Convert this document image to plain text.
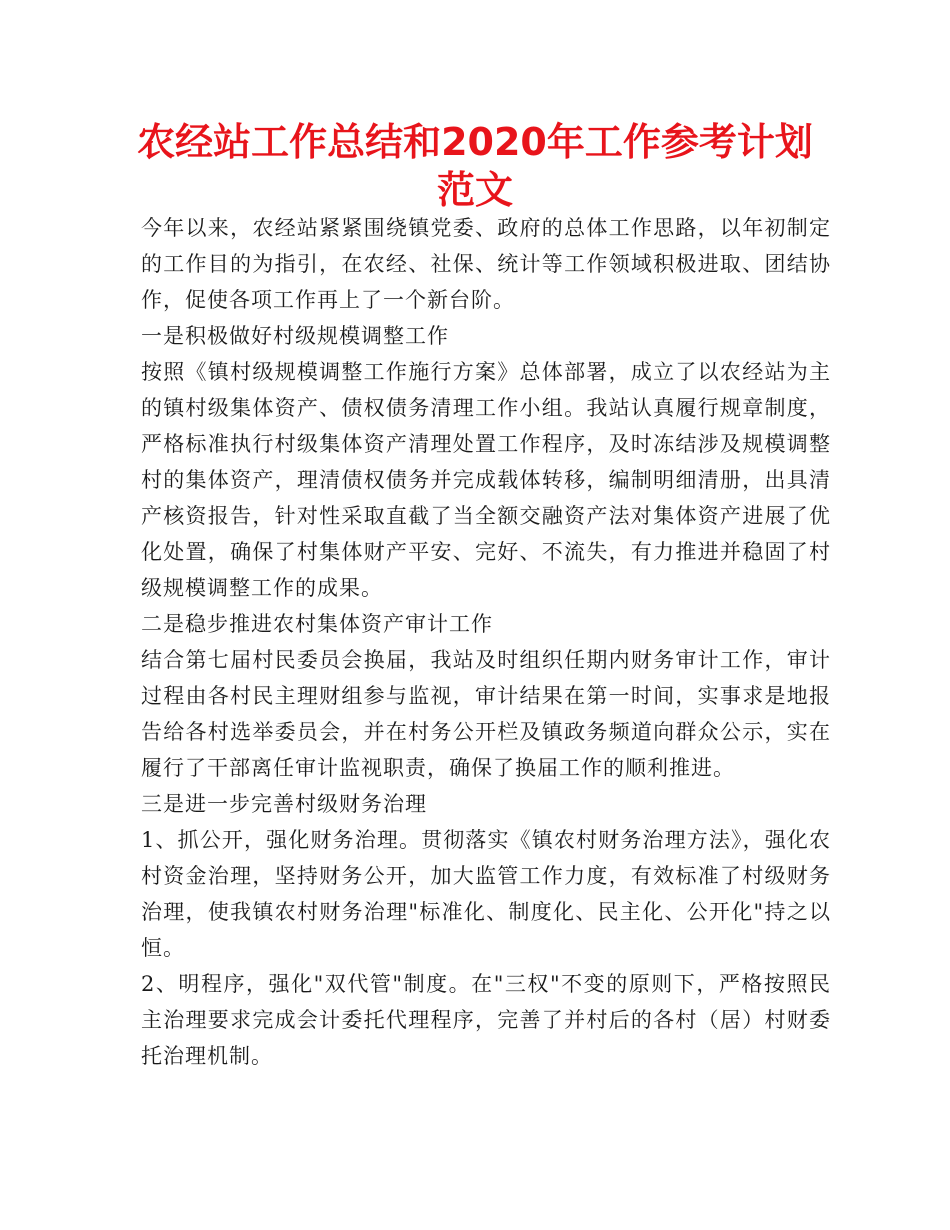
农经站工作总结和2020年工作参考计划范文

今年以来，农经站紧紧围绕镇党委、政府的总体工作思路，以年初制定的工作目的为指引，在农经、社保、统计等工作领域积极进取、团结协作，促使各项工作再上了一个新台阶。

一是积极做好村级规模调整工作

按照《镇村级规模调整工作施行方案》总体部署，成立了以农经站为主的镇村级集体资产、债权债务清理工作小组。我站认真履行规章制度，严格标准执行村级集体资产清理处置工作程序，及时冻结涉及规模调整村的集体资产，理清债权债务并完成载体转移，编制明细清册，出具清产核资报告，针对性采取直截了当全额交融资产法对集体资产进展了优化处置，确保了村集体财产平安、完好、不流失，有力推进并稳固了村级规模调整工作的成果。

二是稳步推进农村集体资产审计工作

结合第七届村民委员会换届，我站及时组织任期内财务审计工作，审计过程由各村民主理财组参与监视，审计结果在第一时间，实事求是地报告给各村选举委员会，并在村务公开栏及镇政务频道向群众公示，实在履行了干部离任审计监视职责，确保了换届工作的顺利推进。

三是进一步完善村级财务治理

1、抓公开，强化财务治理。贯彻落实《镇农村财务治理方法》，强化农村资金治理，坚持财务公开，加大监管工作力度，有效标准了村级财务治理，使我镇农村财务治理"标准化、制度化、民主化、公开化"持之以恒。

2、明程序，强化"双代管"制度。在"三权"不变的原则下，严格按照民主治理要求完成会计委托代理程序，完善了并村后的各村（居）村财委托治理机制。
